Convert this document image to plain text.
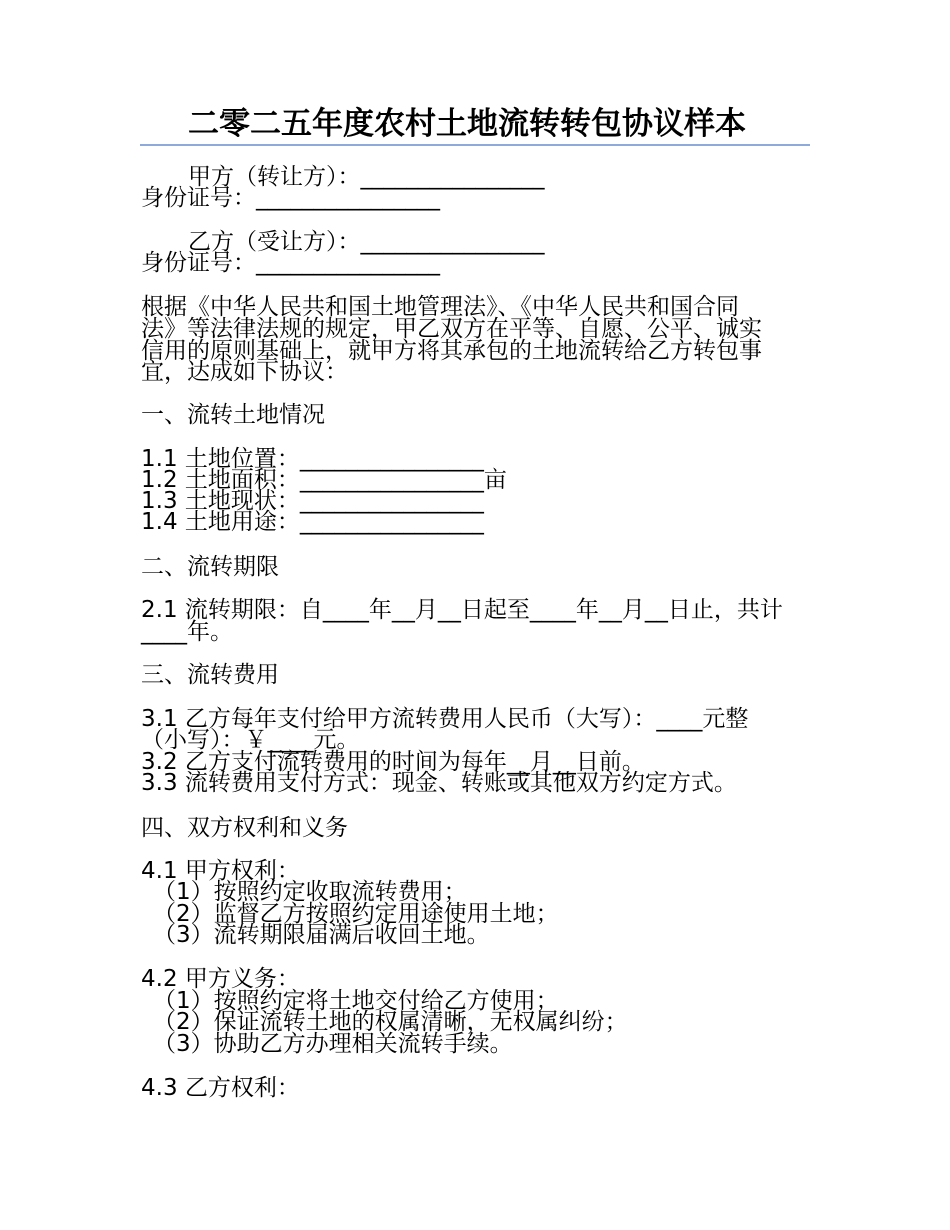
二零二五年度农村土地流转转包协议样本
甲方（转让方）：________________
身份证号：________________
乙方（受让方）：________________
身份证号：________________
根据《中华人民共和国土地管理法》、《中华人民共和国合同
法》等法律法规的规定，甲乙双方在平等、自愿、公平、诚实
信用的原则基础上，就甲方将其承包的土地流转给乙方转包事
宜，达成如下协议：
一、流转土地情况
1.1 土地位置：________________
1.2 土地面积：________________亩
1.3 土地现状：________________
1.4 土地用途：________________
二、流转期限
2.1 流转期限：自____年__月__日起至____年__月__日止，共计
____年。
三、流转费用
3.1 乙方每年支付给甲方流转费用人民币（大写）：____元整
（小写）：￥____元。
3.2 乙方支付流转费用的时间为每年__月__日前。
3.3 流转费用支付方式：现金、转账或其他双方约定方式。
四、双方权利和义务
4.1 甲方权利：
（1）按照约定收取流转费用；
（2）监督乙方按照约定用途使用土地；
（3）流转期限届满后收回土地。
4.2 甲方义务：
（1）按照约定将土地交付给乙方使用；
（2）保证流转土地的权属清晰，无权属纠纷；
（3）协助乙方办理相关流转手续。
4.3 乙方权利：
